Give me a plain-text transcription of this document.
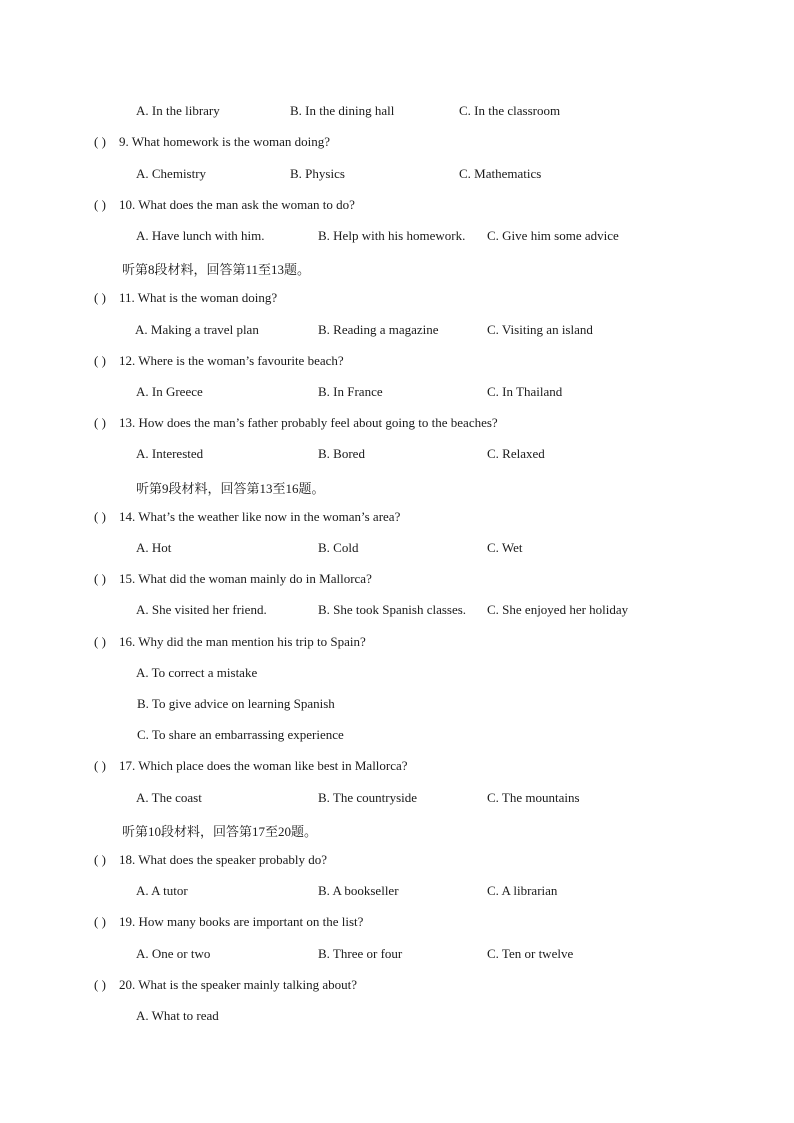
A. In the library	B. In the dining hall	C. In the classroom
( ) 9. What homework is the woman doing?
A. Chemistry	B. Physics	C. Mathematics
( ) 10. What does the man ask the woman to do?
A. Have lunch with him.	B. Help with his homework. C. Give him some advice
听第8段材料，回答第11至13题。
( ) 11. What is the woman doing?
A. Making a travel plan	B. Reading a magazine	C. Visiting an island
( ) 12. Where is the woman’s favourite beach?
A. In Greece	B. In France	C. In Thailand
( ) 13. How does the man’s father probably feel about going to the beaches?
A. Interested	B. Bored	C. Relaxed
听第9段材料，回答第13至16题。
( ) 14. What’s the weather like now in the woman’s area?
A. Hot	B. Cold	C. Wet
( ) 15. What did the woman mainly do in Mallorca?
A. She visited her friend.	B. She took Spanish classes. C. She enjoyed her holiday
( ) 16. Why did the man mention his trip to Spain?
A. To correct a mistake
B. To give advice on learning Spanish
C. To share an embarrassing experience
( ) 17. Which place does the woman like best in Mallorca?
A. The coast	B. The countryside	C. The mountains
听第10段材料，回答第17至20题。
( ) 18. What does the speaker probably do?
A. A tutor	B. A bookseller	C. A librarian
( ) 19. How many books are important on the list?
A. One or two	B. Three or four	C. Ten or twelve
( ) 20. What is the speaker mainly talking about?
A. What to read
